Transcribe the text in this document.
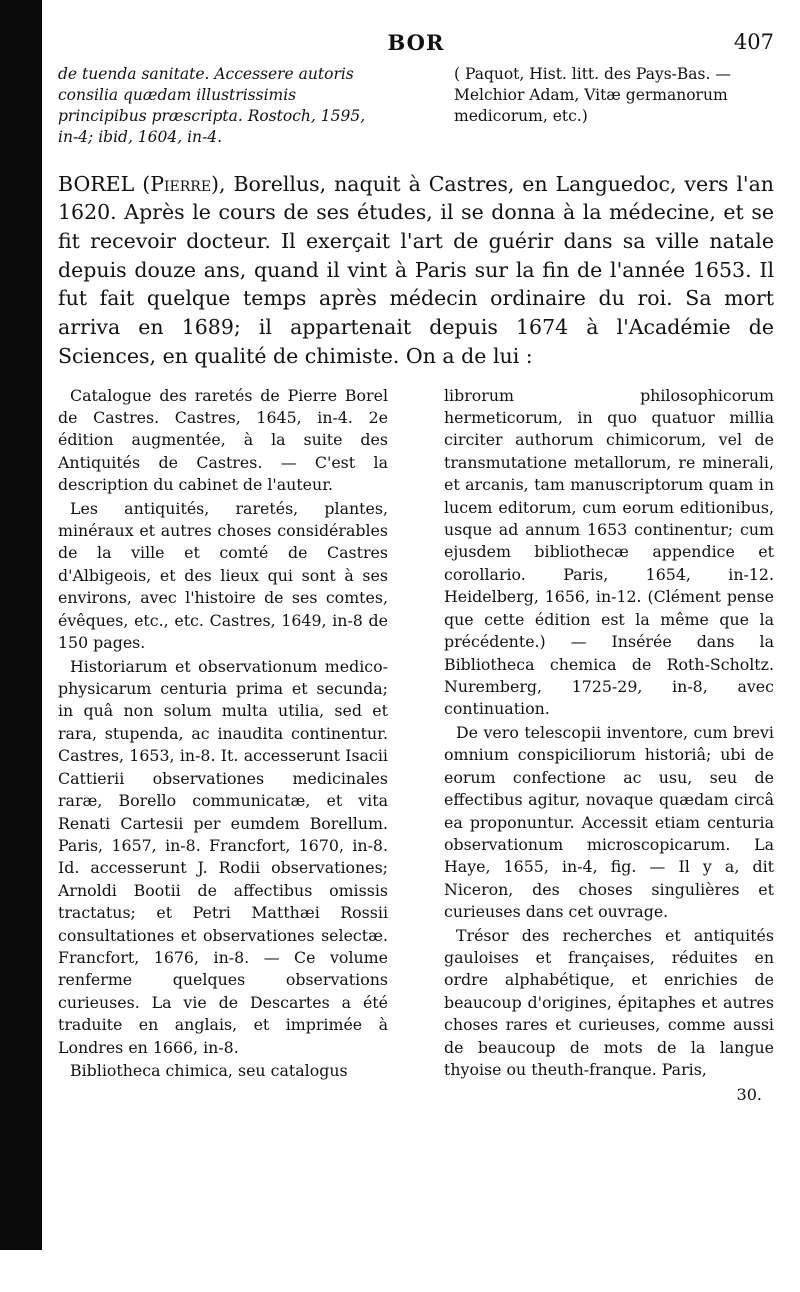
BOR	407
de tuenda sanitate. Accessere autoris consilia quædam illustrissimis principibus præscripta. Rostoch, 1595, in-4; ibid, 1604, in-4.
( Paquot, Hist. litt. des Pays-Bas. — Melchior Adam, Vitæ germanorum medicorum, etc.)

BOREL (Pierre), Borellus, naquit à Castres, en Languedoc, vers l'an 1620. Après le cours de ses études, il se donna à la médecine, et se fit recevoir docteur. Il exerçait l'art de guérir dans sa ville natale depuis douze ans, quand il vint à Paris sur la fin de l'année 1653. Il fut fait quelque temps après médecin ordinaire du roi. Sa mort arriva en 1689; il appartenait depuis 1674 à l'Académie de Sciences, en qualité de chimiste. On a de lui :

Catalogue des raretés de Pierre Borel de Castres. Castres, 1645, in-4. 2e édition augmentée, à la suite des Antiquités de Castres. — C'est la description du cabinet de l'auteur.

Les antiquités, raretés, plantes, minéraux et autres choses considérables de la ville et comté de Castres d'Albigeois, et des lieux qui sont à ses environs, avec l'histoire de ses comtes, évêques, etc., etc. Castres, 1649, in-8 de 150 pages.

Historiarum et observationum medico-physicarum centuria prima et secunda; in quâ non solum multa utilia, sed et rara, stupenda, ac inaudita continentur. Castres, 1653, in-8. It. accesserunt Isacii Cattierii observationes medicinales raræ, Borello communicatæ, et vita Renati Cartesii per eumdem Borellum. Paris, 1657, in-8. Francfort, 1670, in-8. Id. accesserunt J. Rodii observationes; Arnoldi Bootii de affectibus omissis tractatus; et Petri Matthæi Rossii consultationes et observationes selectæ. Francfort, 1676, in-8. — Ce volume renferme quelques observations curieuses. La vie de Descartes a été traduite en anglais, et imprimée à Londres en 1666, in-8.

Bibliotheca chimica, seu catalogus

librorum philosophicorum hermeticorum, in quo quatuor millia circiter authorum chimicorum, vel de transmutatione metallorum, re minerali, et arcanis, tam manuscriptorum quam in lucem editorum, cum eorum editionibus, usque ad annum 1653 continentur; cum ejusdem bibliothecæ appendice et corollario. Paris, 1654, in-12. Heidelberg, 1656, in-12. (Clément pense que cette édition est la même que la précédente.) — Insérée dans la Bibliotheca chemica de Roth-Scholtz. Nuremberg, 1725-29, in-8, avec continuation.

De vero telescopii inventore, cum brevi omnium conspiciliorum historiâ; ubi de eorum confectione ac usu, seu de effectibus agitur, novaque quædam circâ ea proponuntur. Accessit etiam centuria observationum microscopicarum. La Haye, 1655, in-4, fig. — Il y a, dit Niceron, des choses singulières et curieuses dans cet ouvrage.

Trésor des recherches et antiquités gauloises et françaises, réduites en ordre alphabétique, et enrichies de beaucoup d'origines, épitaphes et autres choses rares et curieuses, comme aussi de beaucoup de mots de la langue thyoise ou theuth-franque. Paris,

30.
